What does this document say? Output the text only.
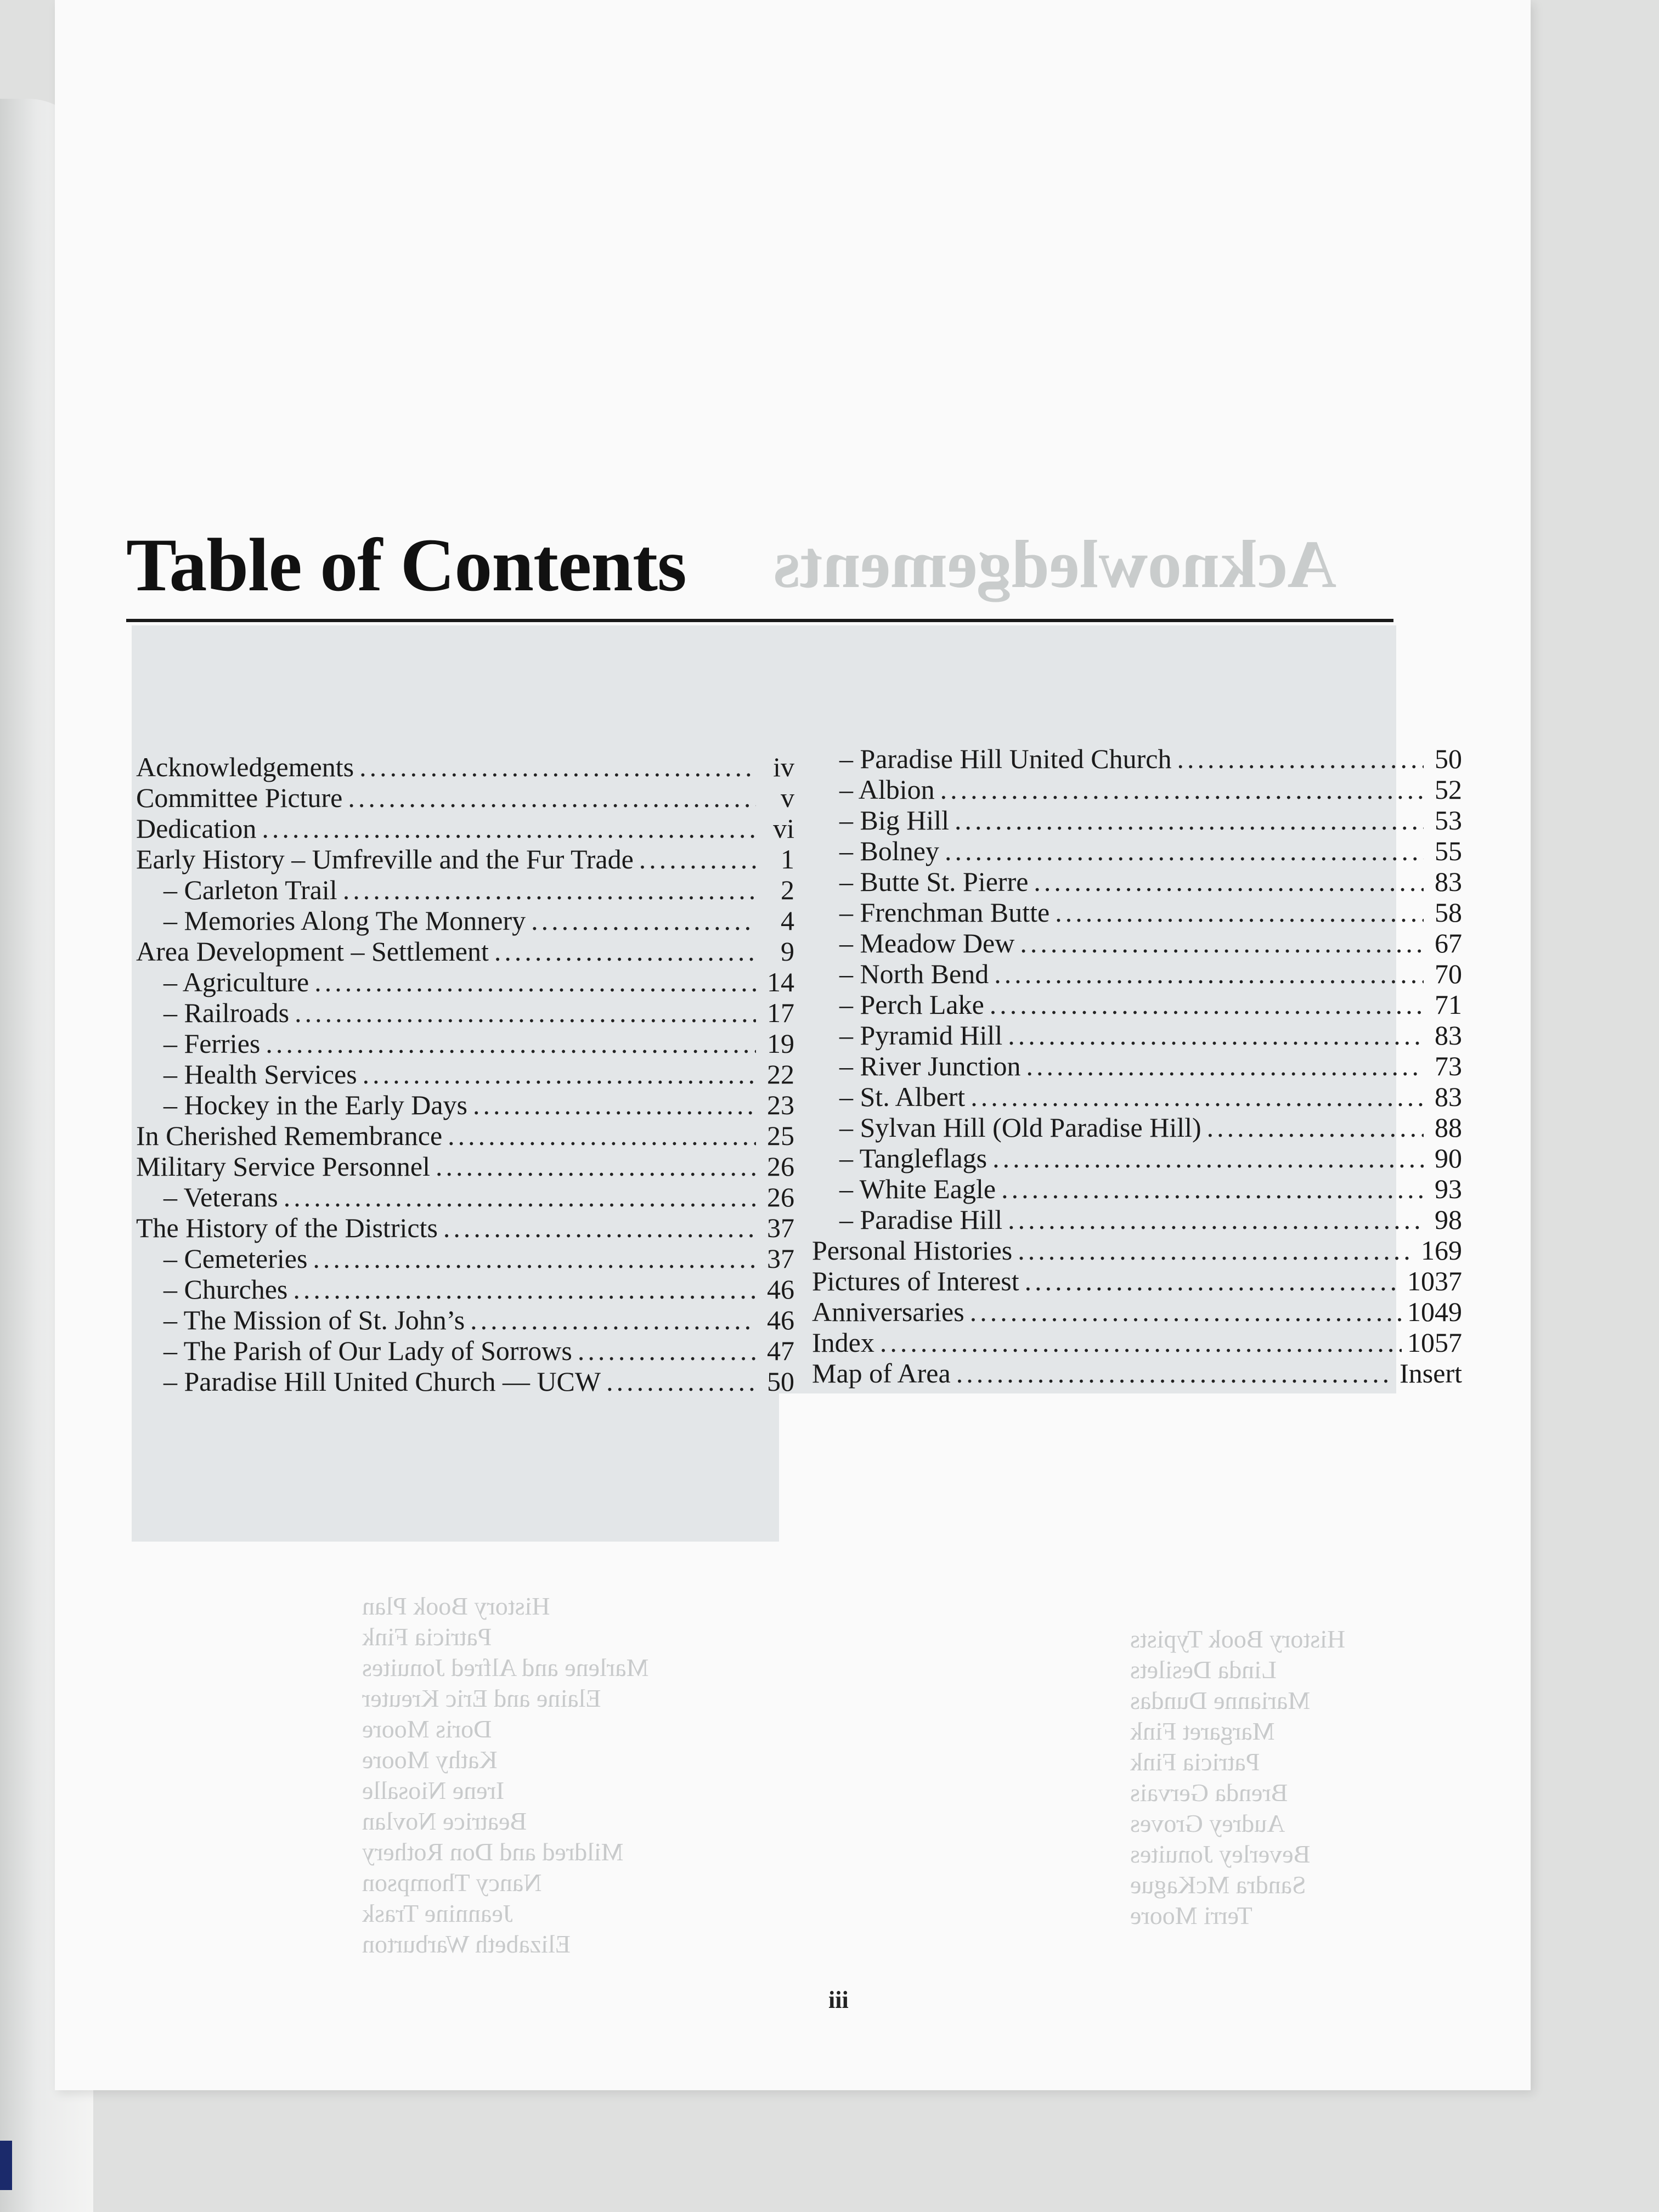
Acknowledgements
History Book Plan
Patricia Fink
Marlene and Alfred Jonuites
Elaine and Eric Kreuter
Doris Moore
Kathy Moore
Irene Niosalle
Beatrice Novlan
Mildred and Don Rothery
Nancy Thompson
Jeannine Trask
Elizabeth Warburton
History Book Typists
Linda Desilets
Marianne Dundas
Margaret Fink
Patricia Fink
Brenda Gervais
Audrey Groves
Beverley Jonuites
Sandra McKague
Terri Moore
Table of Contents
Acknowledgements .....	iv
Committee Picture .....	v
Dedication .....	vi
Early History – Umfreville and the Fur Trade .....	1
– Carleton Trail .....	2
– Memories Along The Monnery .....	4
Area Development – Settlement .....	9
– Agriculture .....	14
– Railroads .....	17
– Ferries .....	19
– Health Services .....	22
– Hockey in the Early Days .....	23
In Cherished Remembrance .....	25
Military Service Personnel .....	26
– Veterans .....	26
The History of the Districts .....	37
– Cemeteries .....	37
– Churches .....	46
– The Mission of St. John’s .....	46
– The Parish of Our Lady of Sorrows .....	47
– Paradise Hill United Church — UCW .....	50
– Paradise Hill United Church .....	50
– Albion .....	52
– Big Hill .....	53
– Bolney .....	55
– Butte St. Pierre .....	83
– Frenchman Butte .....	58
– Meadow Dew .....	67
– North Bend .....	70
– Perch Lake .....	71
– Pyramid Hill .....	83
– River Junction .....	73
– St. Albert .....	83
– Sylvan Hill (Old Paradise Hill) .....	88
– Tangleflags .....	90
– White Eagle .....	93
– Paradise Hill .....	98
Personal Histories .....	169
Pictures of Interest .....	1037
Anniversaries .....	1049
Index .....	1057
Map of Area .....	Insert
iii
